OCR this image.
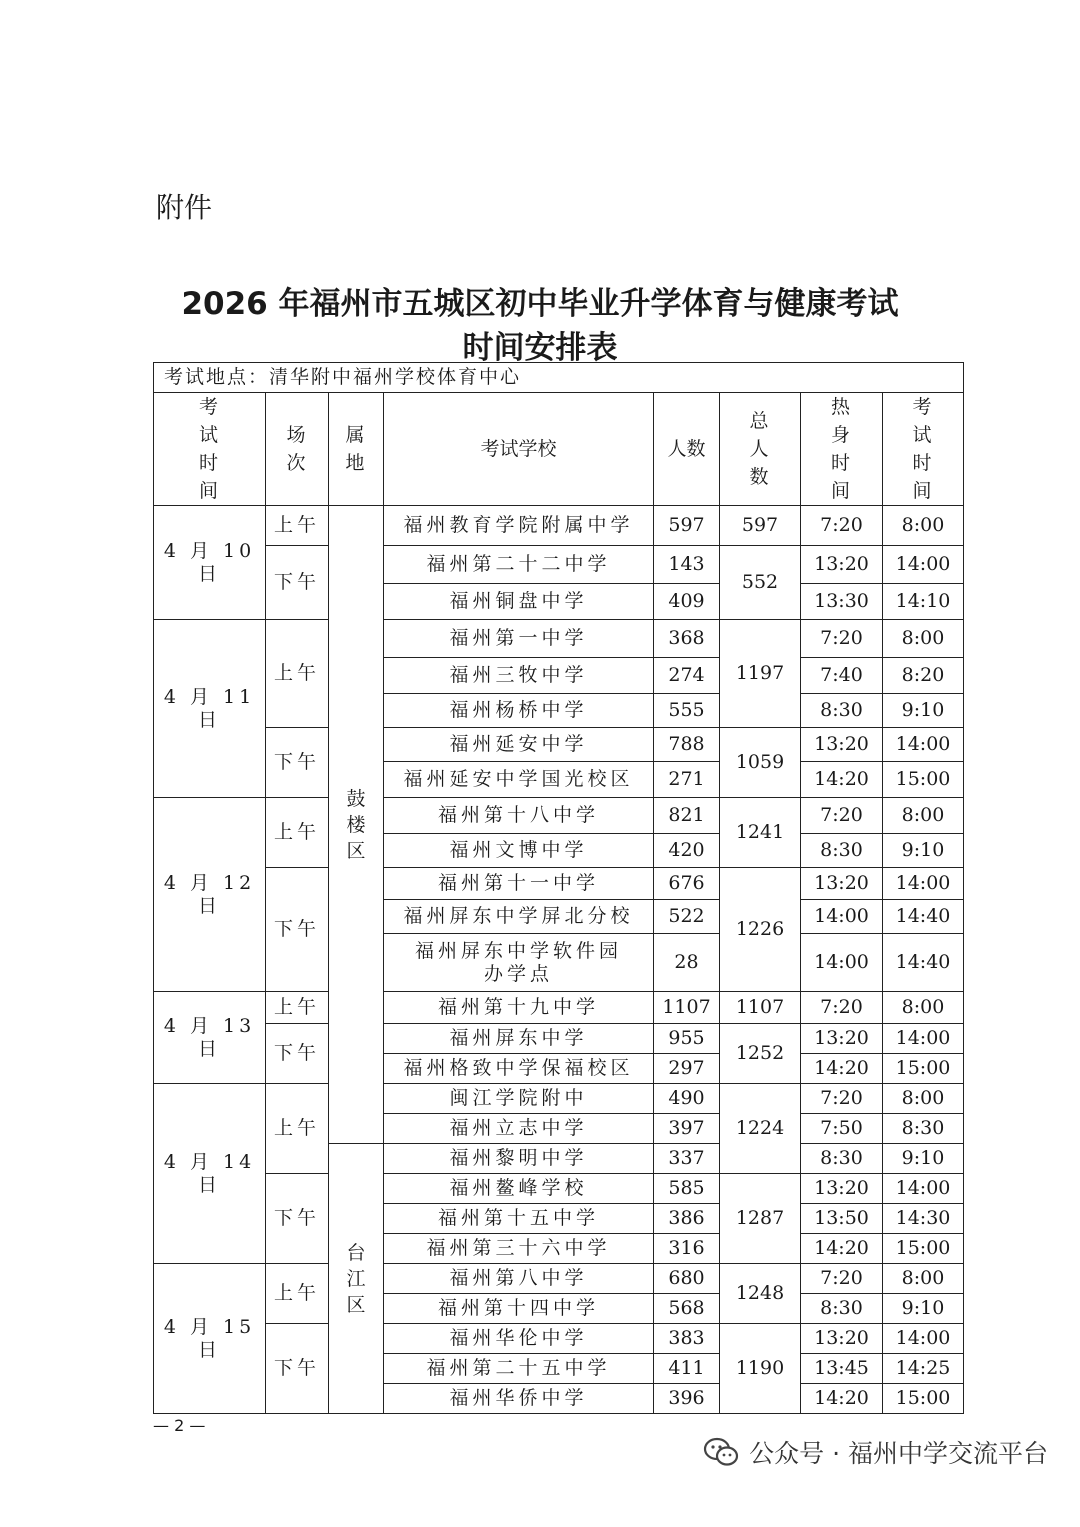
附件
2026 年福州市五城区初中毕业升学体育与健康考试
时间安排表
考试地点：清华附中福州学校体育中心							

考试时间	场次	属地	考试学校	人数	总人数	热身时间	考试时间

4 月 10 日	上午	鼓楼区	福州教育学院附属中学	597	597	7:20	8:00
	下午		福州第二十二中学	143	552	13:20	14:00
			福州铜盘中学	409		13:30	14:10
4 月 11 日	上午		福州第一中学	368	1197	7:20	8:00
			福州三牧中学	274		7:40	8:20
			福州杨桥中学	555		8:30	9:10
	下午		福州延安中学	788	1059	13:20	14:00
			福州延安中学国光校区	271		14:20	15:00
4 月 12 日	上午		福州第十八中学	821	1241	7:20	8:00
			福州文博中学	420		8:30	9:10
	下午		福州第十一中学	676	1226	13:20	14:00
			福州屏东中学屏北分校	522		14:00	14:40
			福州屏东中学软件园办学点	28		14:00	14:40
4 月 13 日	上午		福州第十九中学	1107	1107	7:20	8:00
	下午		福州屏东中学	955	1252	13:20	14:00
			福州格致中学保福校区	297		14:20	15:00
4 月 14 日	上午		闽江学院附中	490	1224	7:20	8:00
			福州立志中学	397		7:50	8:30
		台江区	福州黎明中学	337		8:30	9:10
	下午		福州鳌峰学校	585	1287	13:20	14:00
			福州第十五中学	386		13:50	14:30
			福州第三十六中学	316		14:20	15:00
4 月 15 日	上午		福州第八中学	680	1248	7:20	8:00
			福州第十四中学	568		8:30	9:10
	下午		福州华伦中学	383	1190	13:20	14:00
			福州第二十五中学	411		13:45	14:25
			福州华侨中学	396		14:20	15:00
— 2 —
公众号 · 福州中学交流平台
